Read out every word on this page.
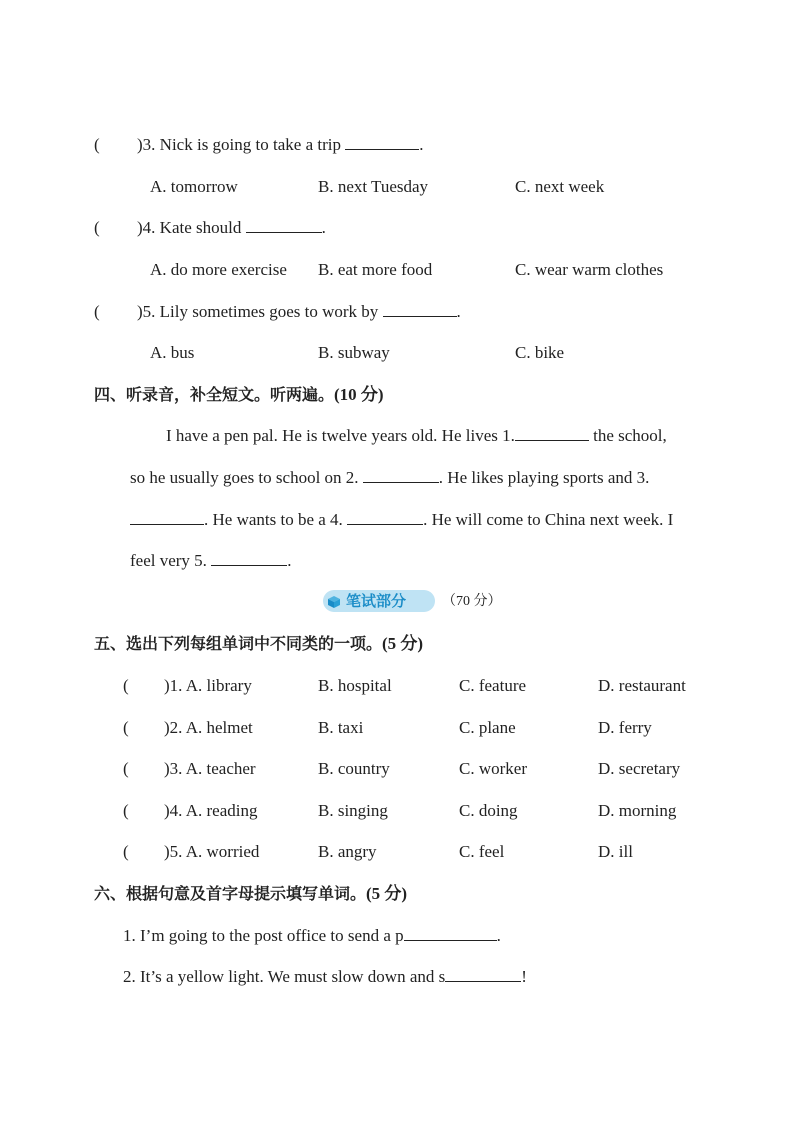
( )3. Nick is going to take a trip	.
A. tomorrow	B. next Tuesday	C. next week
( )4. Kate should	.
A. do more exercise B. eat more food	C. wear warm clothes
( )5. Lily sometimes goes to work by	.
A. bus	B. subway	C. bike
四、听录音，补全短文。听两遍。(10 分)
I have a pen pal. He is twelve years old. He lives 1.	the school,
so he usually goes to school on 2.	. He likes playing sports and 3.
. He wants to be a 4.	. He will come to China next week. I
feel very 5.	.
笔试部分	（70 分）
五、选出下列每组单词中不同类的一项。(5 分)
( )1. A. library	B. hospital	C. feature	D. restaurant
( )2. A. helmet	B. taxi	C. plane	D. ferry
( )3. A. teacher	B. country	C. worker	D. secretary
( )4. A. reading	B. singing	C. doing	D. morning
( )5. A. worried	B. angry	C. feel	D. ill
六、根据句意及首字母提示填写单词。(5 分)
1. I’m going to the post office to send a p	.
2. It’s a yellow light. We must slow down and s	!
